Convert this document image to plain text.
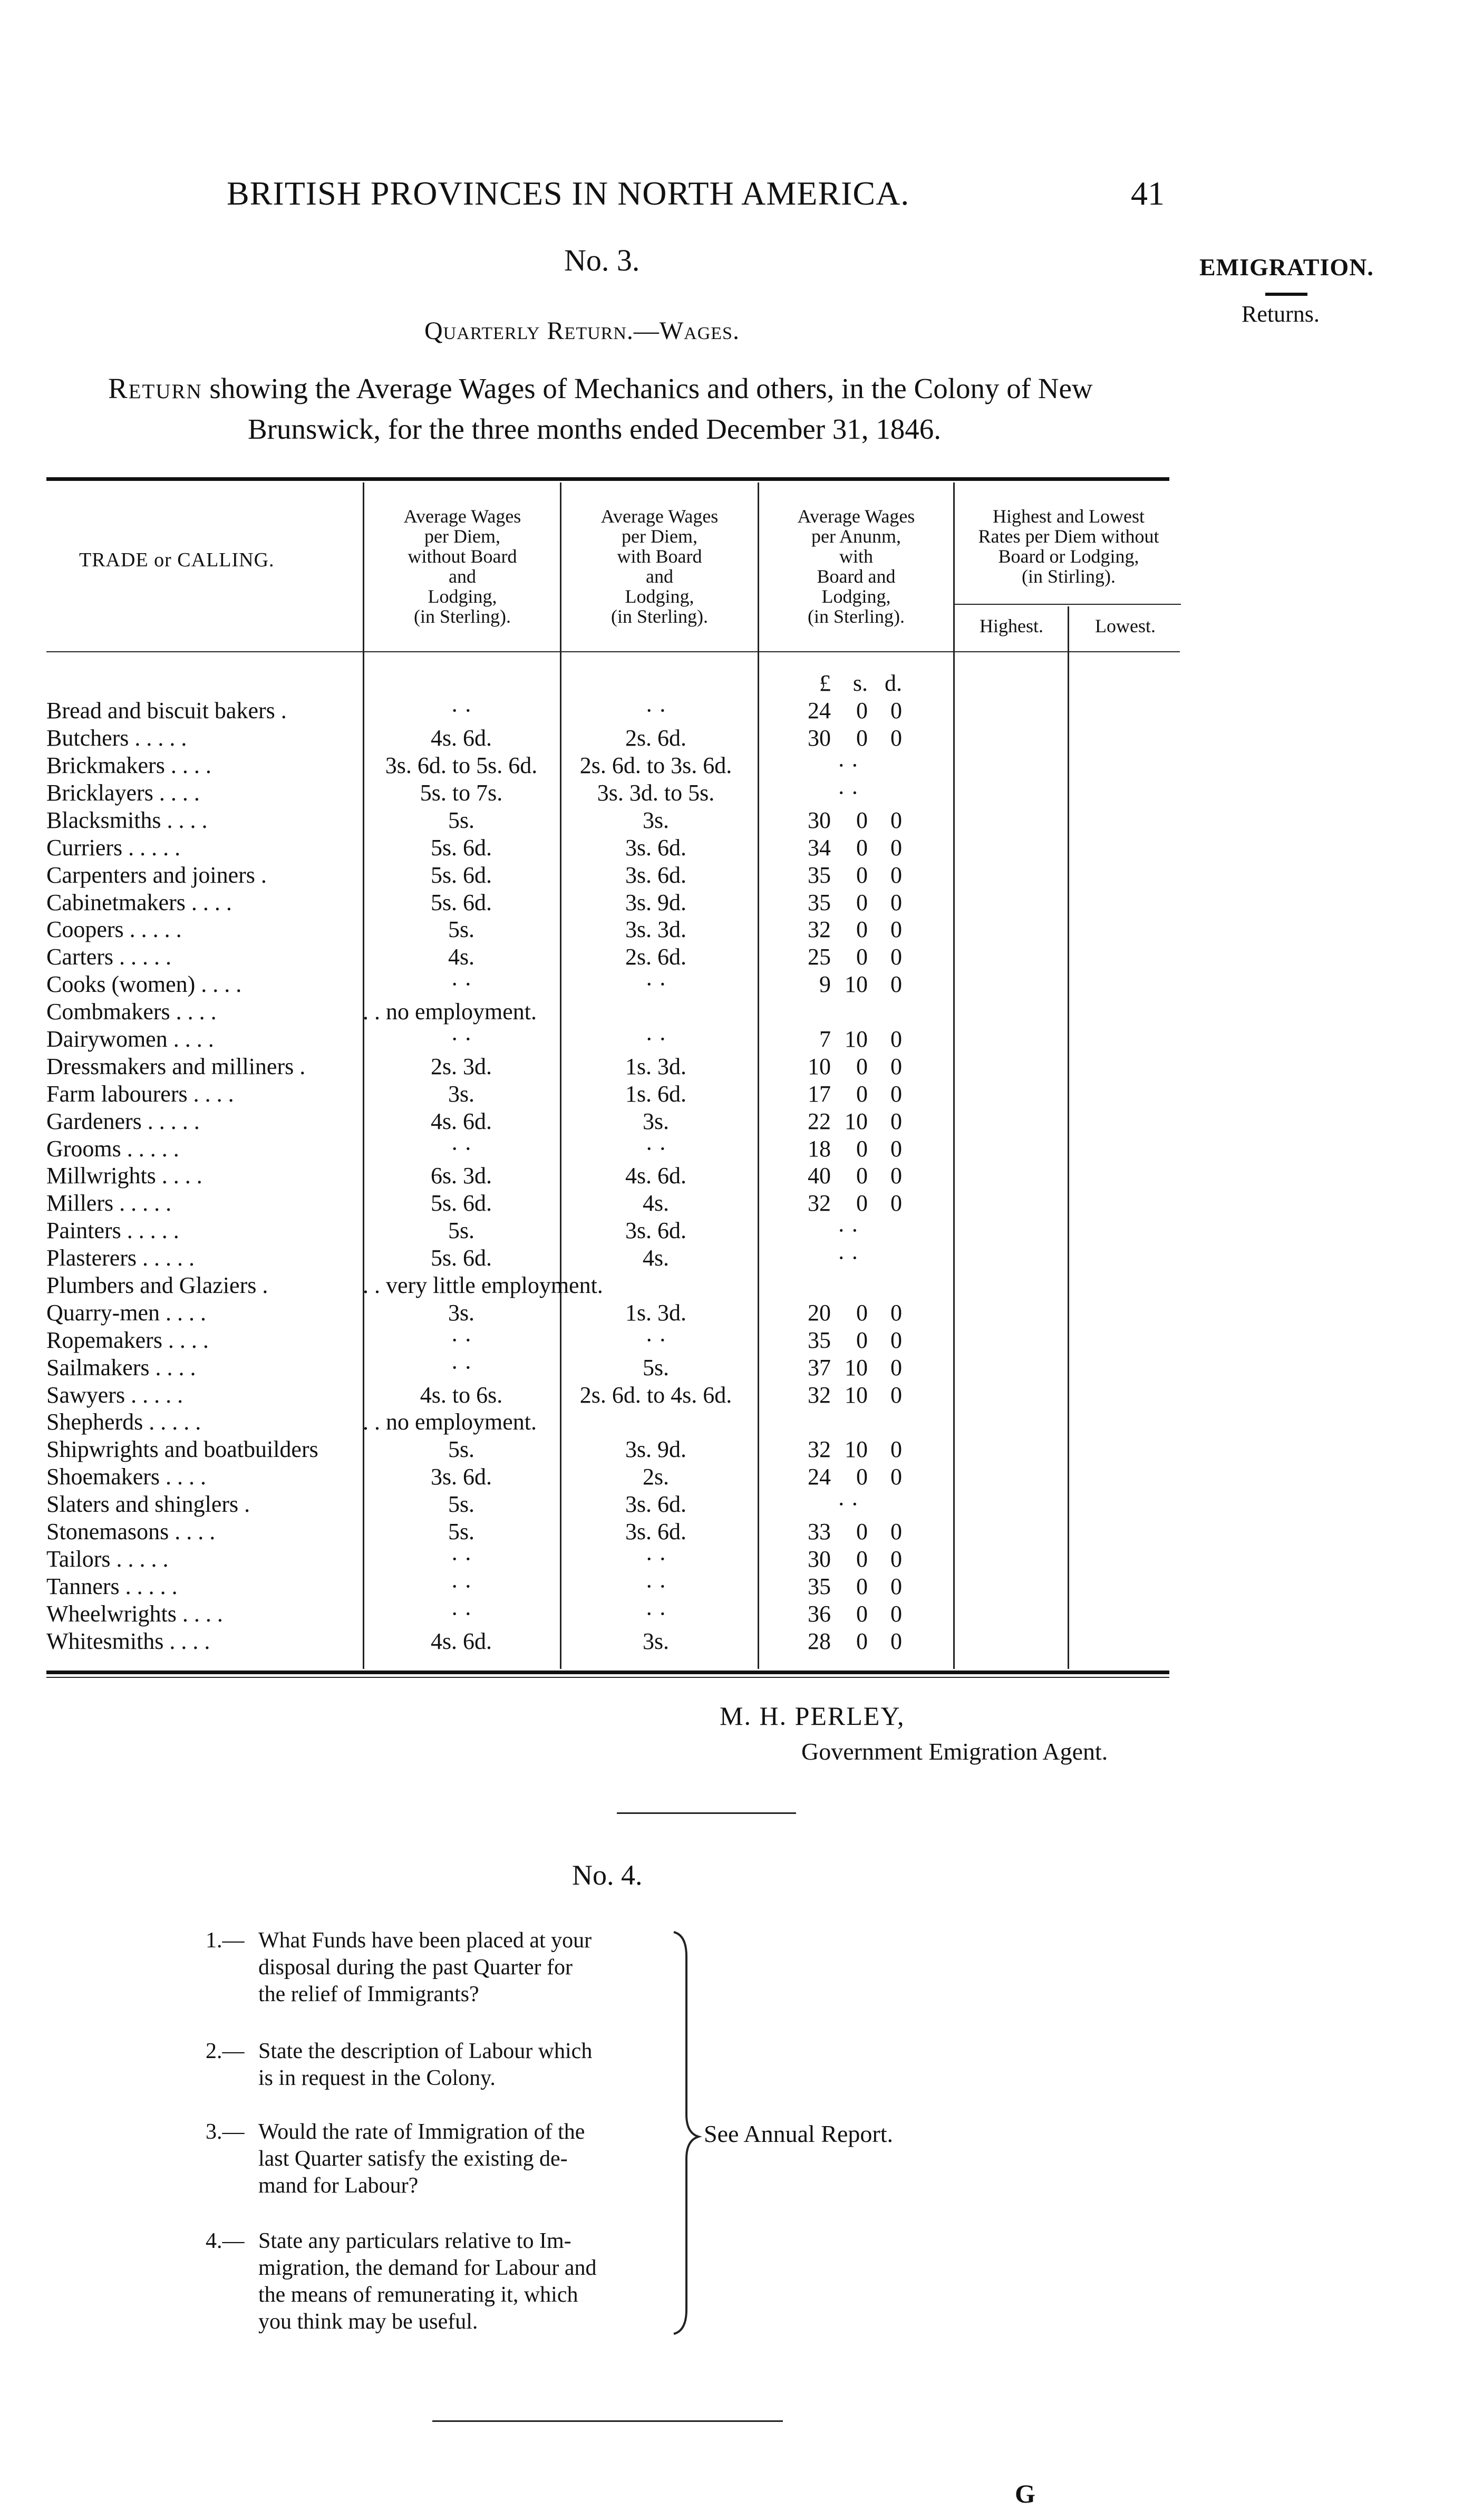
BRITISH PROVINCES IN NORTH AMERICA.	41
No. 3.	EMIGRATION.
Returns.
Quarterly Return.—Wages.
Return showing the Average Wages of Mechanics and others, in the Colony of New
Brunswick, for the three months ended December 31, 1846.
TRADE or CALLING.
Average Wages
per Diem,
without Board
and
Lodging,
(in Sterling).
Average Wages
per Diem,
with Board
and
Lodging,
(in Sterling).
Average Wages
per Anunm,
with
Board and
Lodging,
(in Sterling).
Highest and Lowest
Rates per Diem without
Board or Lodging,
(in Stirling).
Highest.	Lowest.
			£ s. d.
Bread and biscuit bakers .	· ·	· ·	24 0 0
Butchers . . . . .	4s. 6d.	2s. 6d.	30 0 0
Brickmakers . . . .	3s. 6d. to 5s. 6d.	2s. 6d. to 3s. 6d.	· ·
Bricklayers . . . .	5s. to 7s.	3s. 3d. to 5s.	· ·
Blacksmiths . . . .	5s.	3s.	30 0 0
Curriers . . . . .	5s. 6d.	3s. 6d.	34 0 0
Carpenters and joiners .	5s. 6d.	3s. 6d.	35 0 0
Cabinetmakers . . . .	5s. 6d.	3s. 9d.	35 0 0
Coopers . . . . .	5s.	3s. 3d.	32 0 0
Carters . . . . .	4s.	2s. 6d.	25 0 0
Cooks (women) . . . .	· ·	· ·	9 10 0
Combmakers . . . .	. . no employment.		
Dairywomen . . . .	· ·	· ·	7 10 0
Dressmakers and milliners .	2s. 3d.	1s. 3d.	10 0 0
Farm labourers . . . .	3s.	1s. 6d.	17 0 0
Gardeners . . . . .	4s. 6d.	3s.	22 10 0
Grooms . . . . .	· ·	· ·	18 0 0
Millwrights . . . .	6s. 3d.	4s. 6d.	40 0 0
Millers . . . . .	5s. 6d.	4s.	32 0 0
Painters . . . . .	5s.	3s. 6d.	· ·
Plasterers . . . . .	5s. 6d.	4s.	· ·
Plumbers and Glaziers .	. . very little employment.		
Quarry-men . . . .	3s.	1s. 3d.	20 0 0
Ropemakers . . . .	· ·	· ·	35 0 0
Sailmakers . . . .	· ·	5s.	37 10 0
Sawyers . . . . .	4s. to 6s.	2s. 6d. to 4s. 6d.	32 10 0
Shepherds . . . . .	. . no employment.		
Shipwrights and boatbuilders	5s.	3s. 9d.	32 10 0
Shoemakers . . . .	3s. 6d.	2s.	24 0 0
Slaters and shinglers .	5s.	3s. 6d.	· ·
Stonemasons . . . .	5s.	3s. 6d.	33 0 0
Tailors . . . . .	· ·	· ·	30 0 0
Tanners . . . . .	· ·	· ·	35 0 0
Wheelwrights . . . .	· ·	· ·	36 0 0
Whitesmiths . . . .	4s. 6d.	3s.	28 0 0
M. H. PERLEY,
Government Emigration Agent.
No. 4.
1.— What Funds have been placed at your
disposal during the past Quarter for
the relief of Immigrants?
2.— State the description of Labour which
is in request in the Colony.
3.— Would the rate of Immigration of the
last Quarter satisfy the existing de-
mand for Labour?
4.— State any particulars relative to Im-
migration, the demand for Labour and
the means of remunerating it, which
you think may be useful.
See Annual Report.
G
